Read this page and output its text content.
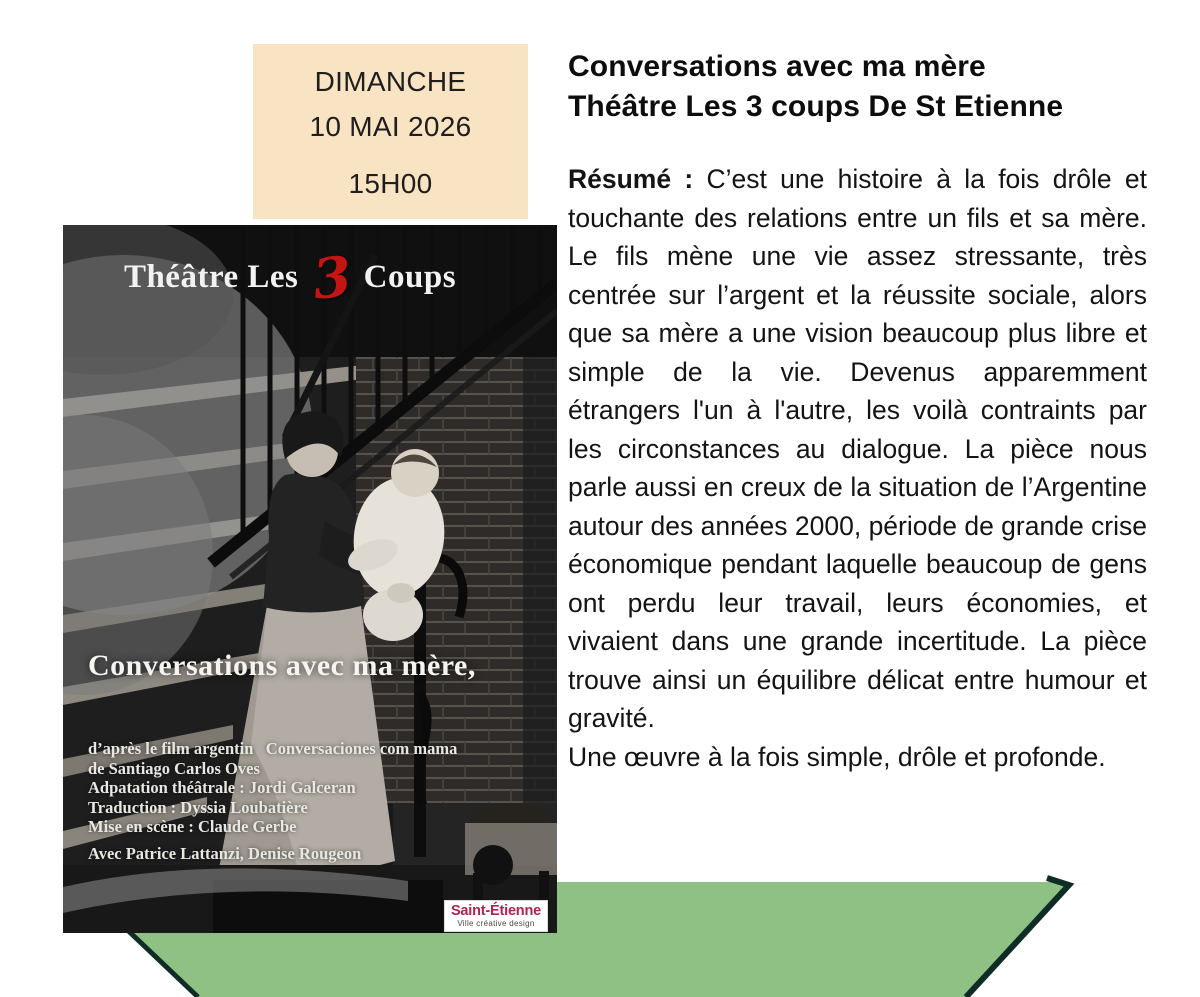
DIMANCHE
10 MAI 2026
15H00
Théâtre Les 3 Coups
Conversations avec ma mère,
d’après le film argentin   Conversaciones com mama
de Santiago Carlos Oves
Adpatation théâtrale : Jordi Galceran
Traduction : Dyssia Loubatière
Mise en scène : Claude Gerbe
Avec Patrice Lattanzi, Denise Rougeon
Saint-Étienne
Ville créative design
Conversations avec ma mère
Théâtre Les 3 coups De St Etienne

Résumé : C’est une histoire à la fois drôle et touchante des relations entre un fils et sa mère. Le fils mène une vie assez stressante, très centrée sur l’argent et la réussite sociale, alors que sa mère a une vision beaucoup plus libre et simple de la vie. Devenus apparemment étrangers l'un à l'autre, les voilà contraints par les circonstances au dialogue. La pièce nous parle aussi en creux de la situation de l’Argentine autour des années 2000, période de grande crise économique pendant laquelle beaucoup de gens ont perdu leur travail, leurs économies, et vivaient dans une grande incertitude. La pièce trouve ainsi un équilibre délicat entre humour et gravité.

Une œuvre à la fois simple, drôle et profonde.
